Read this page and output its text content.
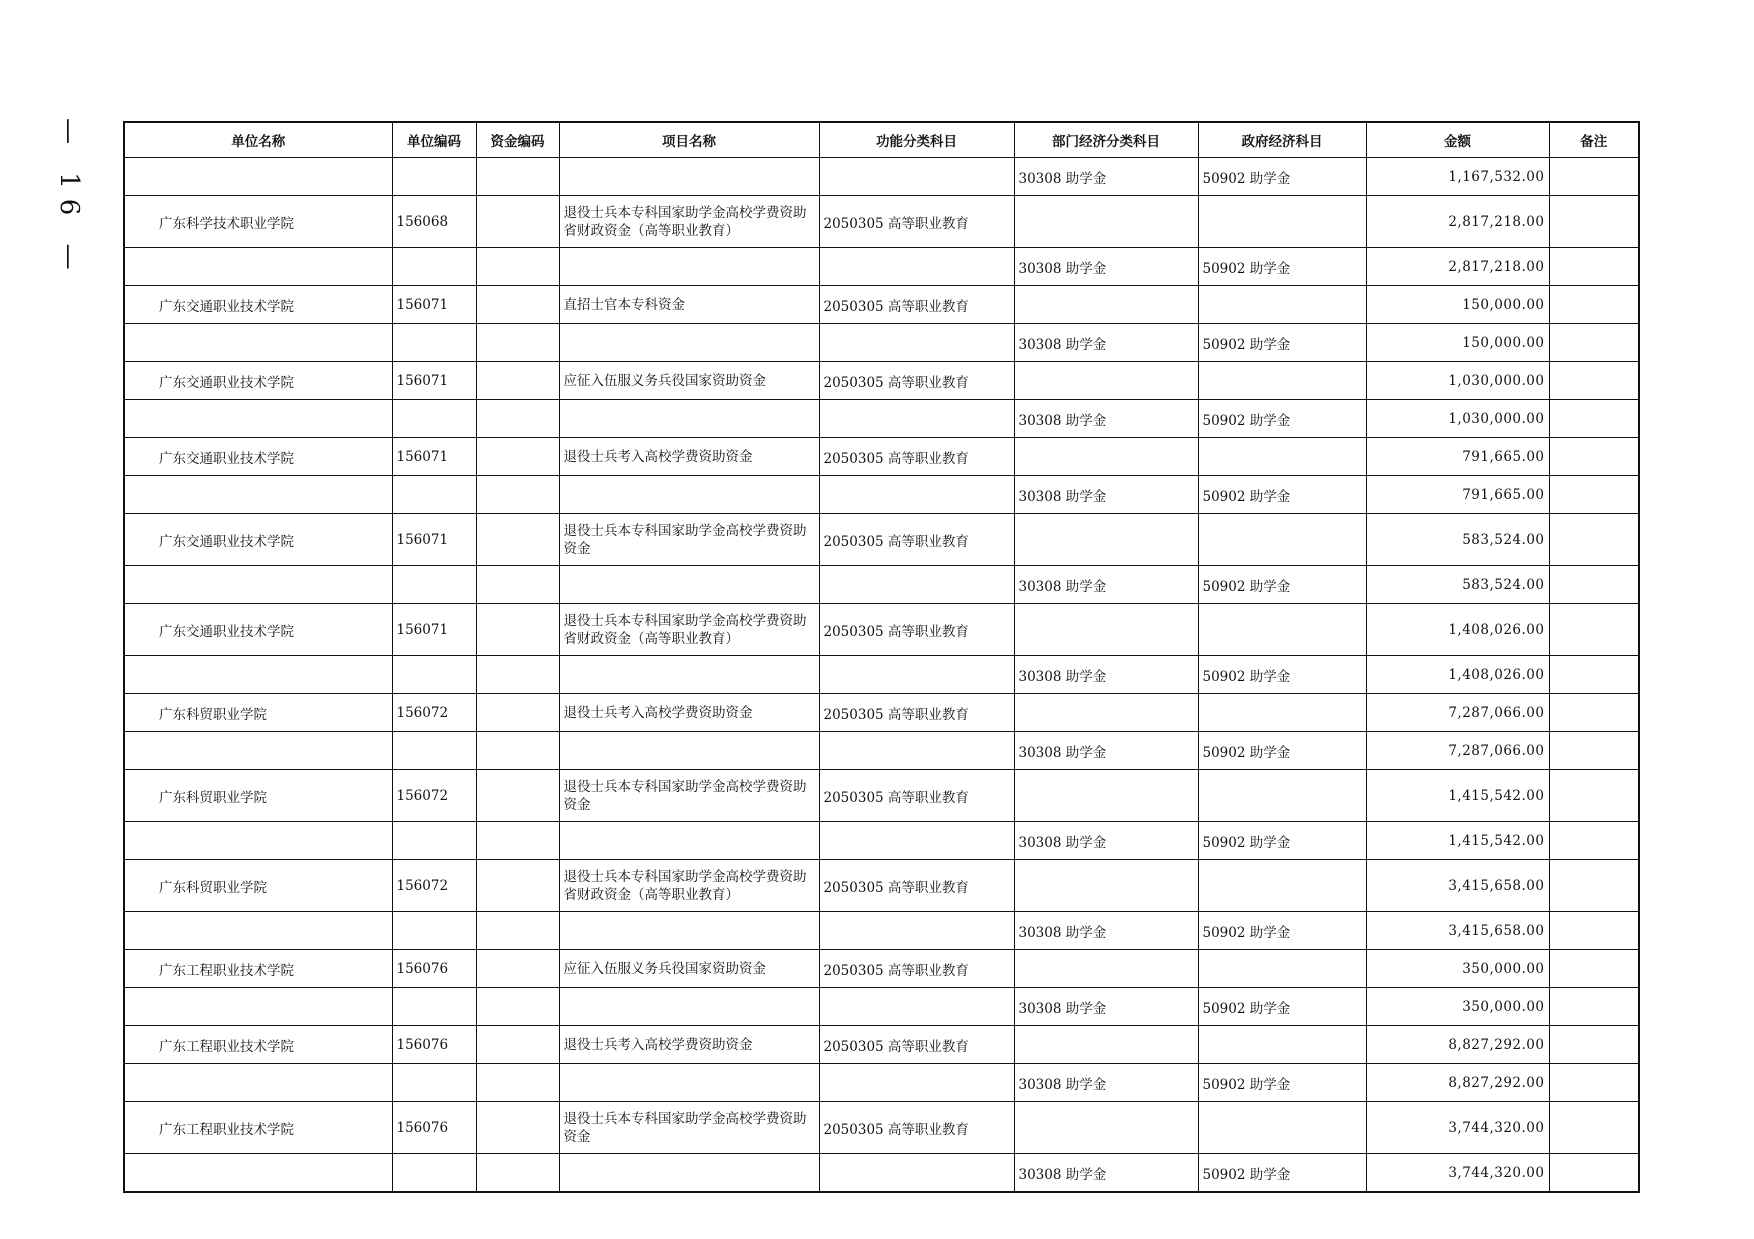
— 16 —	单位名称	单位编码	资金编码	项目名称	功能分类科目	部门经济分类科目	政府经济科目	金额	备注
					30308 助学金	50902 助学金	1,167,532.00	
广东科学技术职业学院	156068		退役士兵本专科国家助学金高校学费资助省财政资金（高等职业教育）	2050305 高等职业教育			2,817,218.00	
					30308 助学金	50902 助学金	2,817,218.00	
广东交通职业技术学院	156071		直招士官本专科资金	2050305 高等职业教育			150,000.00	
					30308 助学金	50902 助学金	150,000.00	
广东交通职业技术学院	156071		应征入伍服义务兵役国家资助资金	2050305 高等职业教育			1,030,000.00	
					30308 助学金	50902 助学金	1,030,000.00	
广东交通职业技术学院	156071		退役士兵考入高校学费资助资金	2050305 高等职业教育			791,665.00	
					30308 助学金	50902 助学金	791,665.00	
广东交通职业技术学院	156071		退役士兵本专科国家助学金高校学费资助资金	2050305 高等职业教育			583,524.00	
					30308 助学金	50902 助学金	583,524.00	
广东交通职业技术学院	156071		退役士兵本专科国家助学金高校学费资助省财政资金（高等职业教育）	2050305 高等职业教育			1,408,026.00	
					30308 助学金	50902 助学金	1,408,026.00	
广东科贸职业学院	156072		退役士兵考入高校学费资助资金	2050305 高等职业教育			7,287,066.00	
					30308 助学金	50902 助学金	7,287,066.00	
广东科贸职业学院	156072		退役士兵本专科国家助学金高校学费资助资金	2050305 高等职业教育			1,415,542.00	
					30308 助学金	50902 助学金	1,415,542.00	
广东科贸职业学院	156072		退役士兵本专科国家助学金高校学费资助省财政资金（高等职业教育）	2050305 高等职业教育			3,415,658.00	
					30308 助学金	50902 助学金	3,415,658.00	
广东工程职业技术学院	156076		应征入伍服义务兵役国家资助资金	2050305 高等职业教育			350,000.00	
					30308 助学金	50902 助学金	350,000.00	
广东工程职业技术学院	156076		退役士兵考入高校学费资助资金	2050305 高等职业教育			8,827,292.00	
					30308 助学金	50902 助学金	8,827,292.00	
广东工程职业技术学院	156076		退役士兵本专科国家助学金高校学费资助资金	2050305 高等职业教育			3,744,320.00	
					30308 助学金	50902 助学金	3,744,320.00	
